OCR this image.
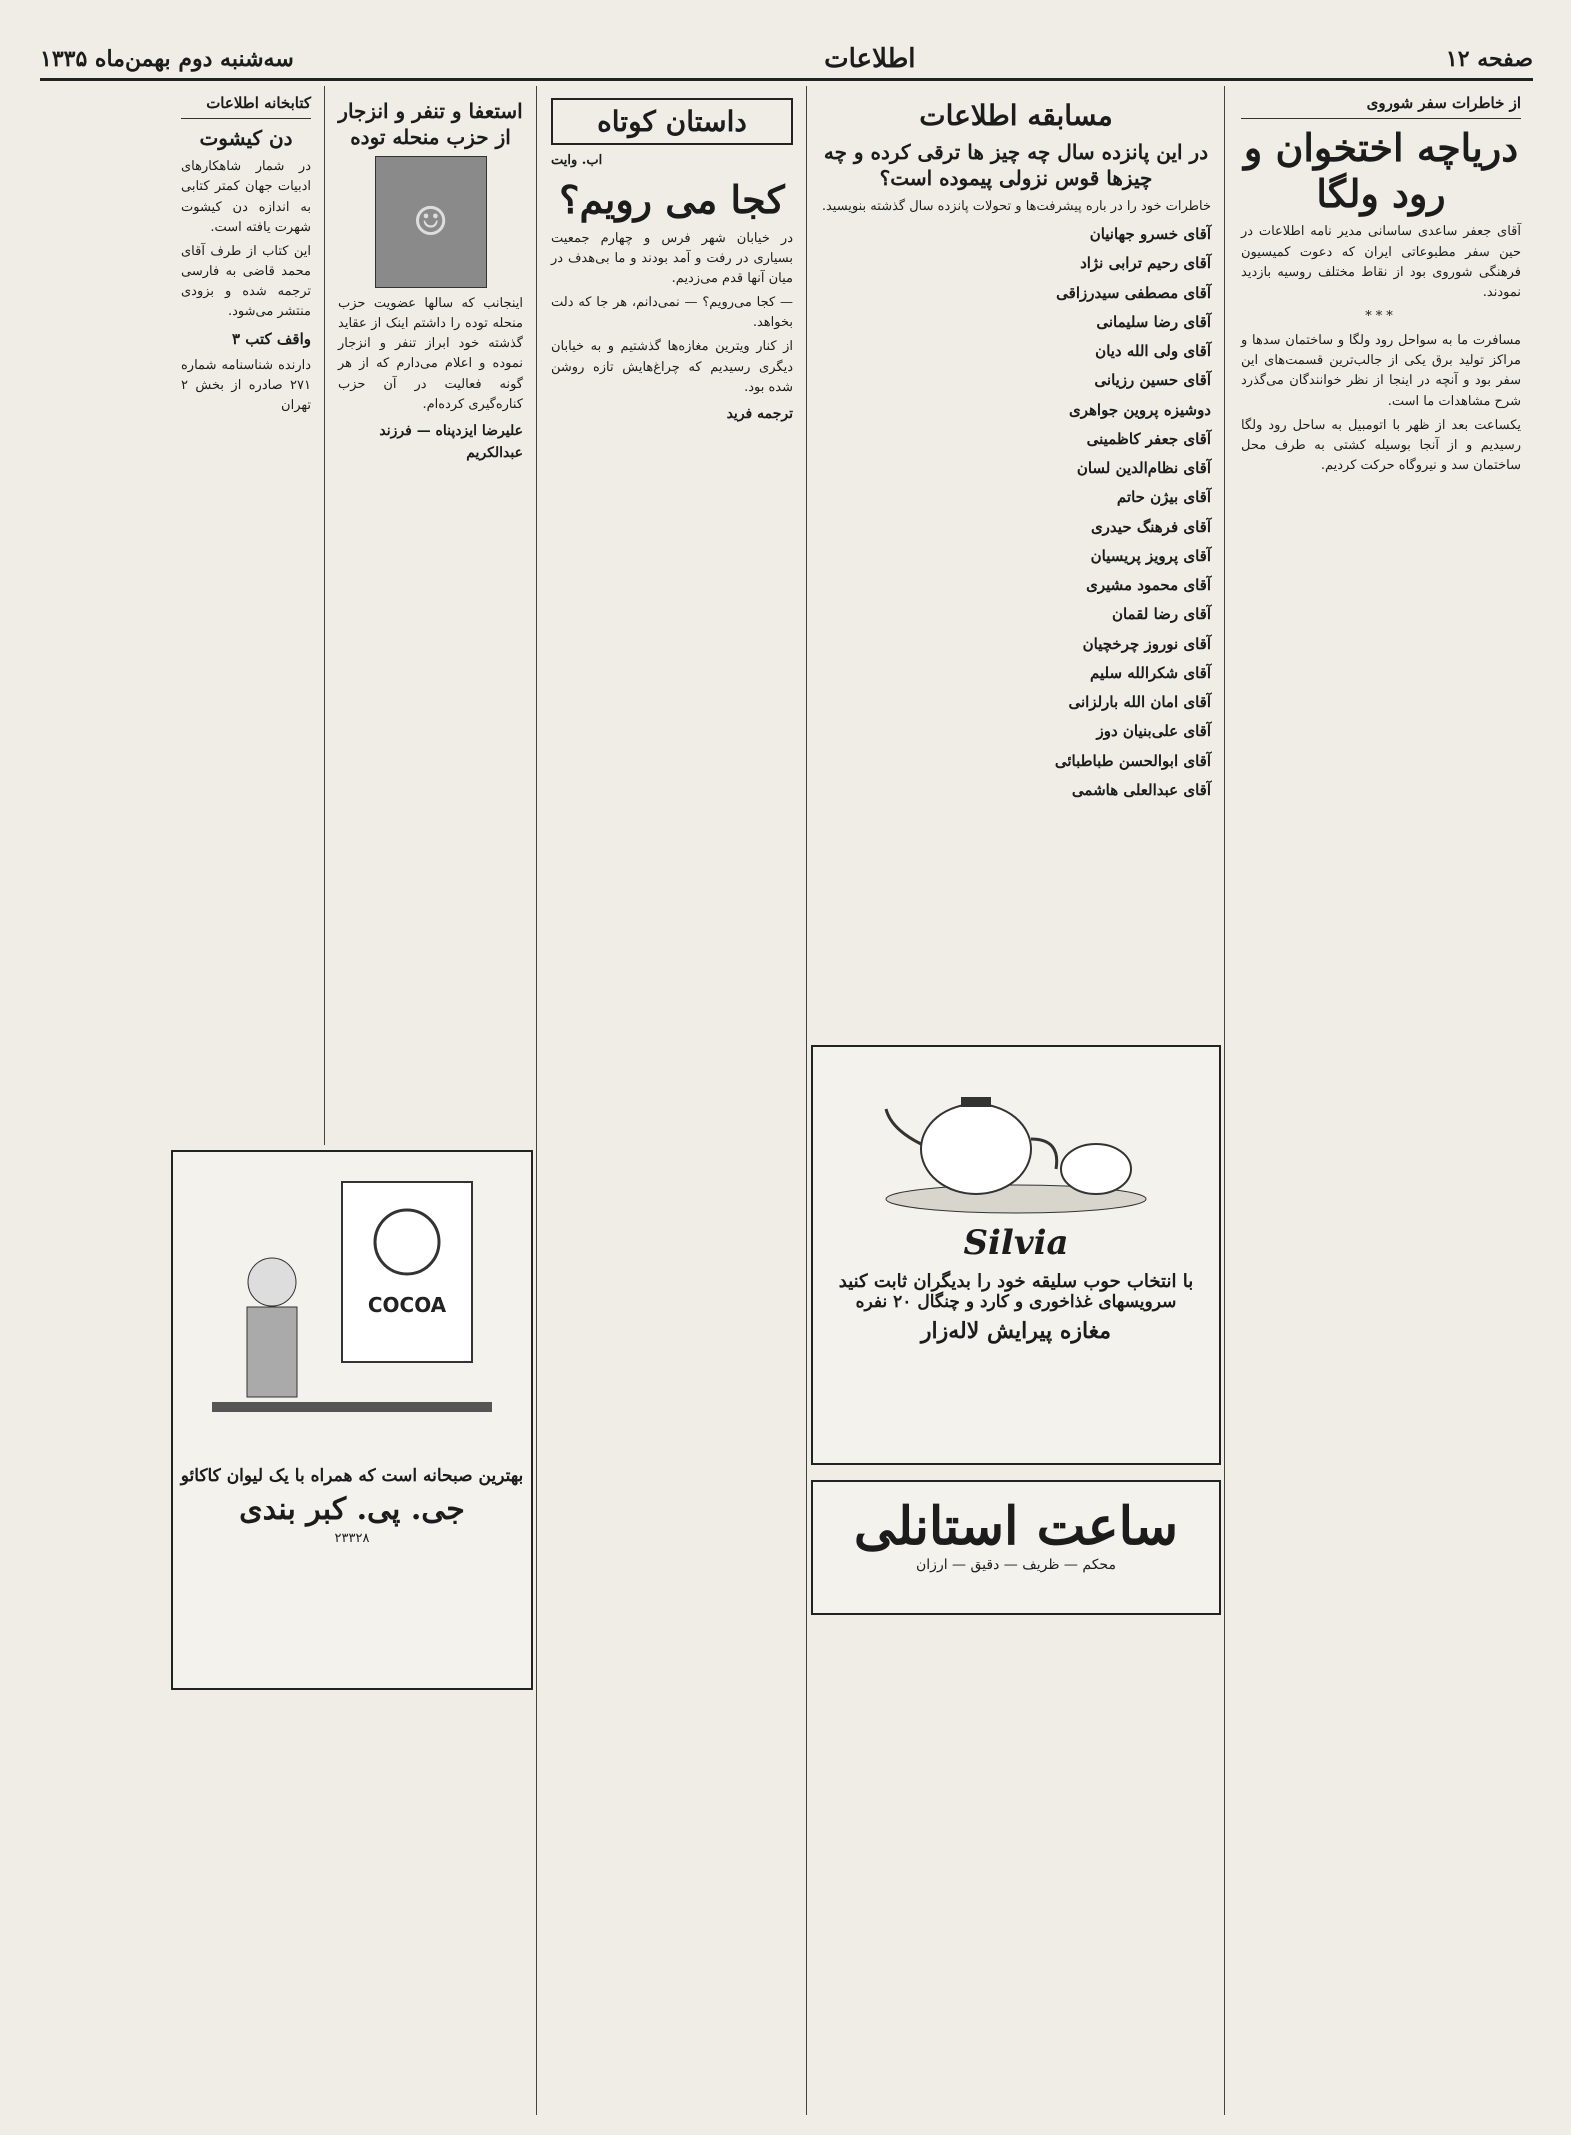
صفحه ۱۲
اطلاعات
سه‌شنبه دوم بهمن‌ماه ۱۳۳۵
از خاطرات سفر شوروی
دریاچه اختخوان و رود ولگا

آقای جعفر ساعدی ساسانی مدیر نامه اطلاعات در حین سفر مطبوعاتی ایران که دعوت کمیسیون فرهنگی شوروی بود از نقاط مختلف روسیه بازدید نمودند.

***

مسافرت ما به سواحل رود ولگا و ساختمان سدها و مراکز تولید برق یکی از جالب‌ترین قسمت‌های این سفر بود و آنچه در اینجا از نظر خوانندگان می‌گذرد شرح مشاهدات ما است.

یکساعت بعد از ظهر با اتومبیل به ساحل رود ولگا رسیدیم و از آنجا بوسیله کشتی به طرف محل ساختمان سد و نیروگاه حرکت کردیم.

مسابقه اطلاعات
در این پانزده سال چه چیز ها ترقی کرده و چه چیزها قوس نزولی پیموده است؟

خاطرات خود را در باره پیشرفت‌ها و تحولات پانزده سال گذشته بنویسید.

آقای خسرو جهانیان
آقای رحیم ترابی نژاد
آقای مصطفی سیدرزاقی
آقای رضا سلیمانی
آقای ولی الله دیان
آقای حسین رزیانی
دوشیزه پروین جواهری
آقای جعفر کاظمینی
آقای نظام‌الدین لسان
آقای بیژن حاتم
آقای فرهنگ حیدری
آقای پرویز پریسیان
آقای محمود مشیری
آقای رضا لقمان
آقای نوروز چرخچیان
آقای شکرالله سلیم
آقای امان الله بارلزانی
آقای علی‌بنیان دوز
آقای ابوالحسن طباطبائی
آقای عبدالعلی هاشمی
Silvia
با انتخاب حوب سلیقه خود را بدیگران ثابت کنید
سرویسهای غذاخوری و کارد و چنگال ۲۰ نفره
مغازه پیرایش لاله‌زار
ساعت استانلی
محکم — ظریف — دقیق — ارزان
داستان کوتاه
اب. وایت
کجا می رویم؟

در خیابان شهر فرس و چهارم جمعیت بسیاری در رفت و آمد بودند و ما بی‌هدف در میان آنها قدم می‌زدیم.

— کجا می‌رویم؟ — نمی‌دانم، هر جا که دلت بخواهد.

از کنار ویترین مغازه‌ها گذشتیم و به خیابان دیگری رسیدیم که چراغ‌هایش تازه روشن شده بود.

ترجمه فرید
استعفا و تنفر و انزجار از حزب منحله توده
☺

اینجانب که سالها عضویت حزب منحله توده را داشتم اینک از عقاید گذشته خود ابراز تنفر و انزجار نموده و اعلام می‌دارم که از هر گونه فعالیت در آن حزب کناره‌گیری کرده‌ام.

علیرضا ایزدپناه — فرزند عبدالکریم
کتابخانه اطلاعات
دن کیشوت

در شمار شاهکارهای ادبیات جهان کمتر کتابی به اندازه دن کیشوت شهرت یافته است.

این کتاب از طرف آقای محمد قاضی به فارسی ترجمه شده و بزودی منتشر می‌شود.

واقف کتب ۳

دارنده شناسنامه شماره ۲۷۱ صادره از بخش ۲ تهران

COCOA
بهترین صبحانه است که همراه با یک لیوان کاکائو
جی. پی. کبر بندی
۲۳۳۲۸
